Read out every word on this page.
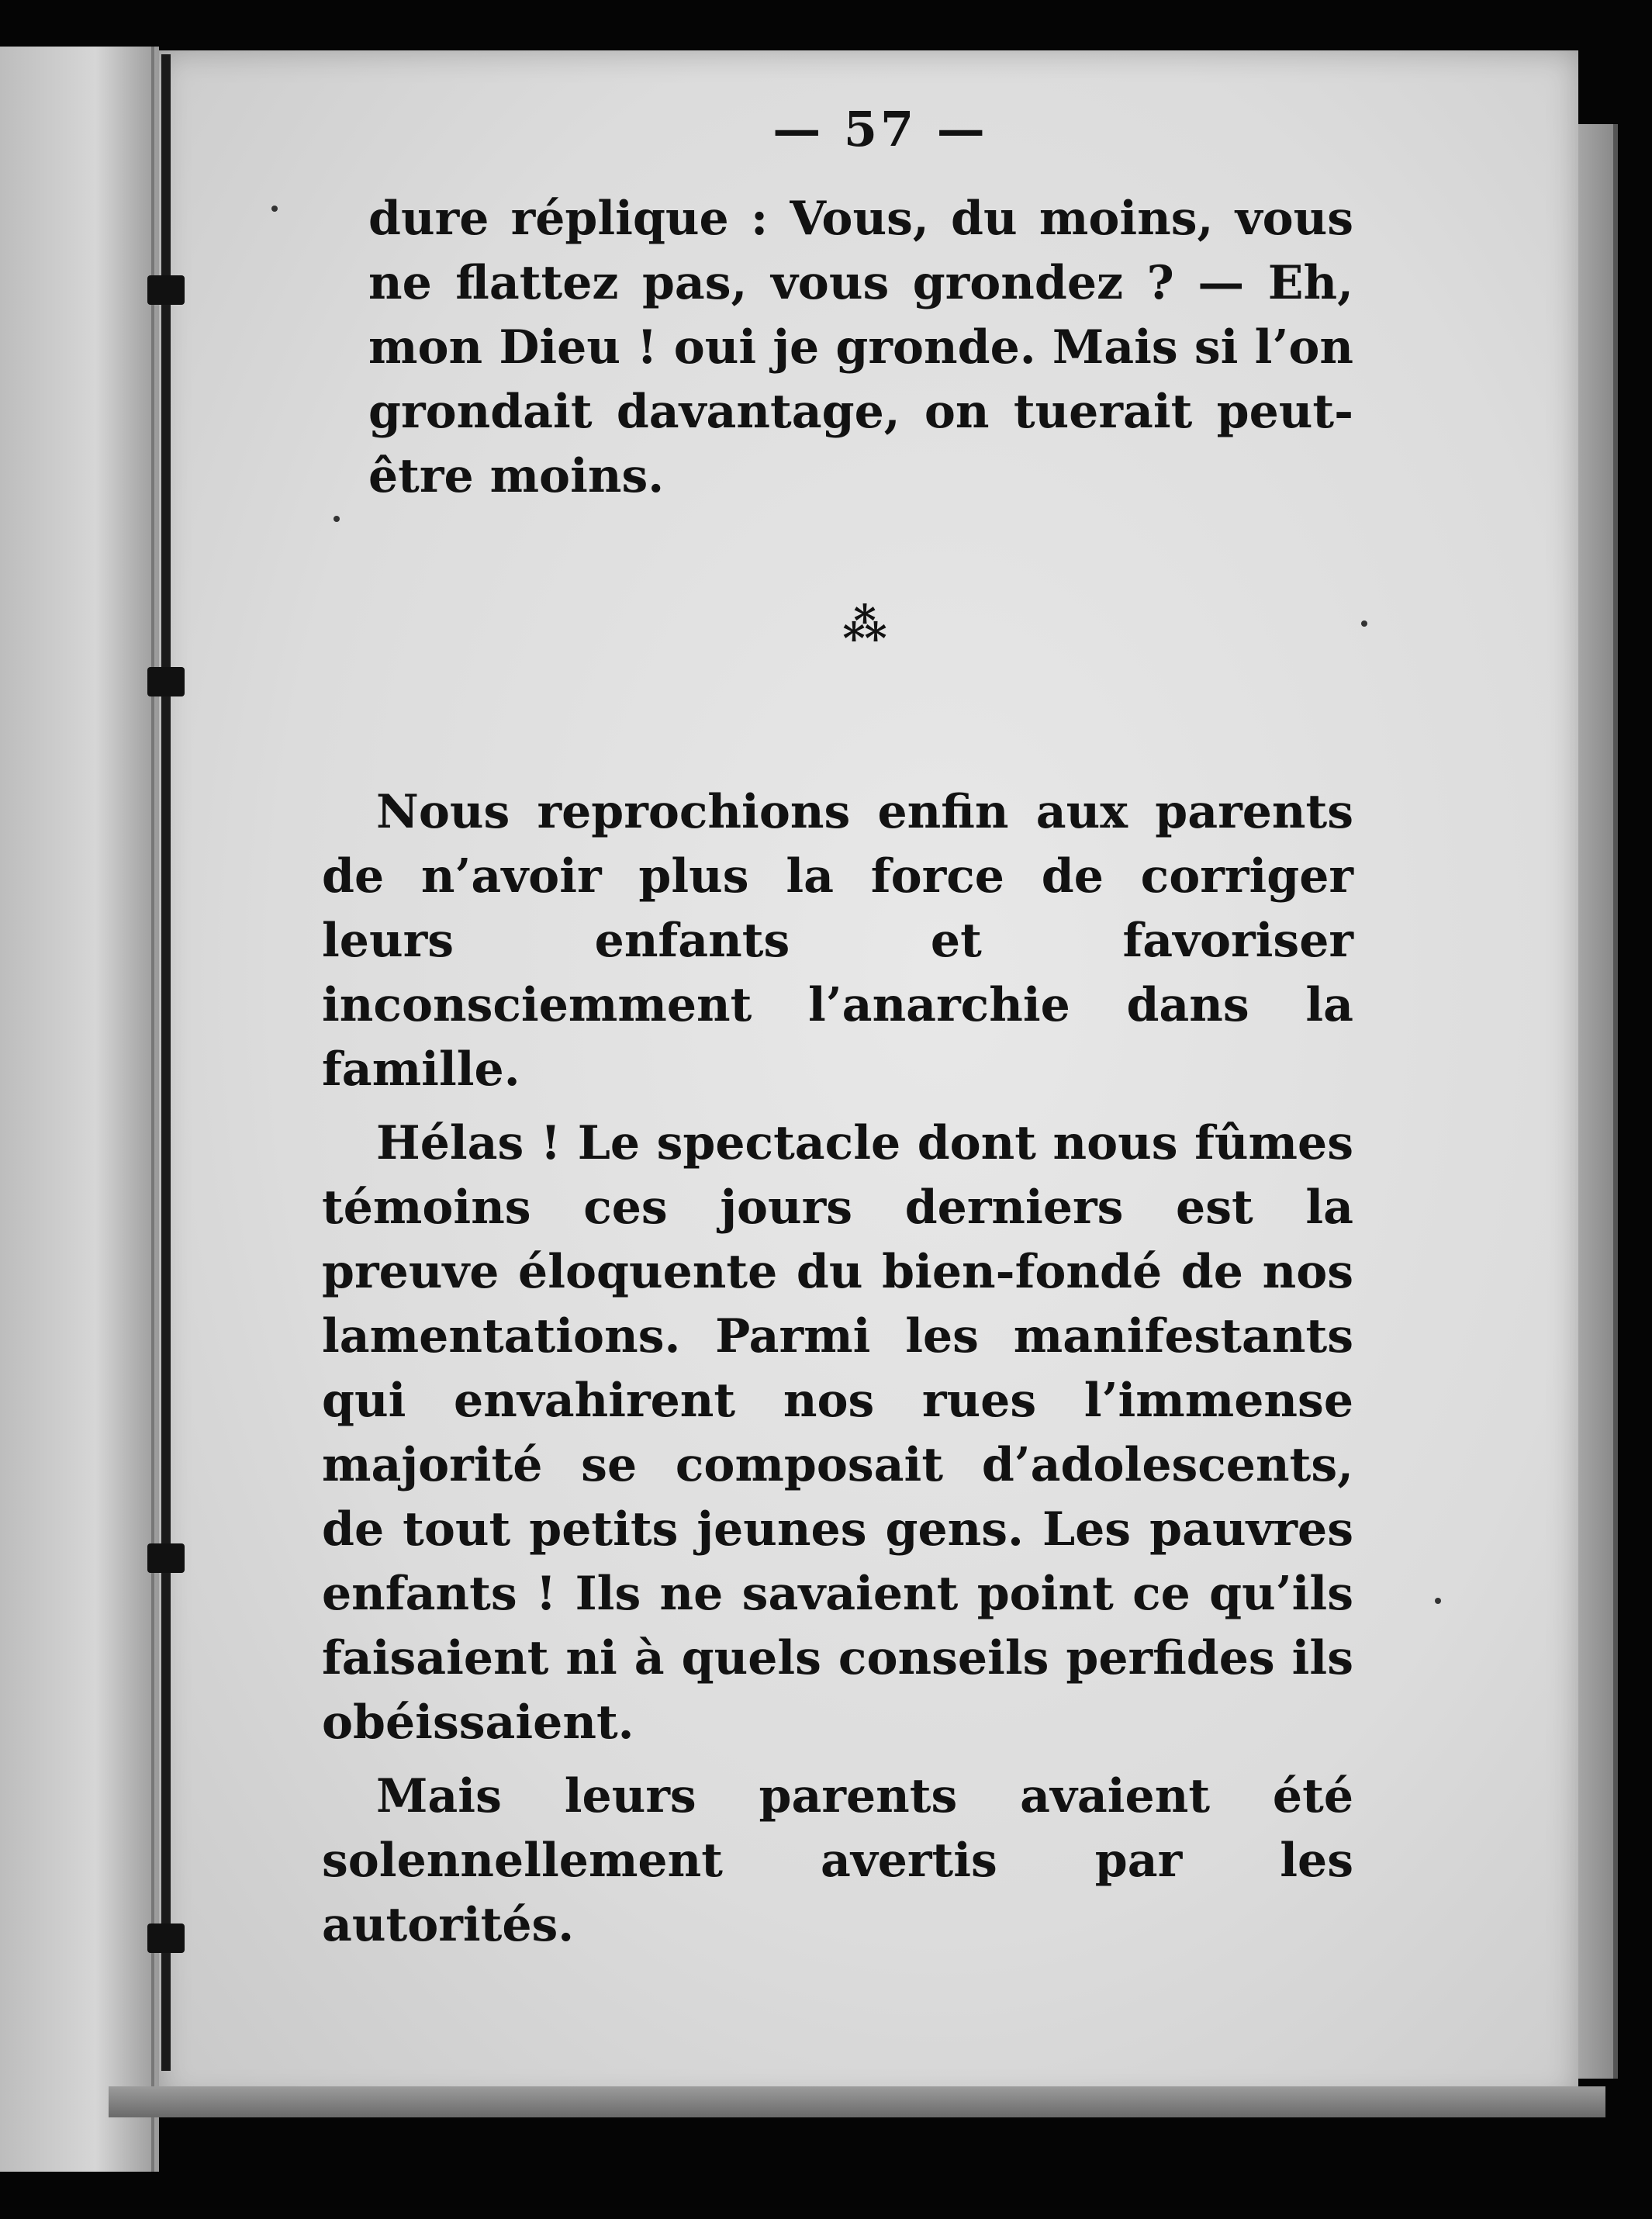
— 57 —

dure réplique : Vous, du moins, vous ne flattez pas, vous grondez ? — Eh, mon Dieu ! oui je gronde. Mais si l’on grondait davantage, on tuerait peut-être moins.

⁂

Nous reprochions enfin aux parents de n’avoir plus la force de corriger leurs enfants et favoriser inconsciemment l’anarchie dans la famille.

Hélas ! Le spectacle dont nous fûmes témoins ces jours derniers est la preuve éloquente du bien-fondé de nos lamentations. Parmi les manifestants qui envahirent nos rues l’immense majorité se composait d’adolescents, de tout petits jeunes gens. Les pauvres enfants ! Ils ne savaient point ce qu’ils faisaient ni à quels conseils perfides ils obéissaient.

Mais leurs parents avaient été solennellement avertis par les autorités.
